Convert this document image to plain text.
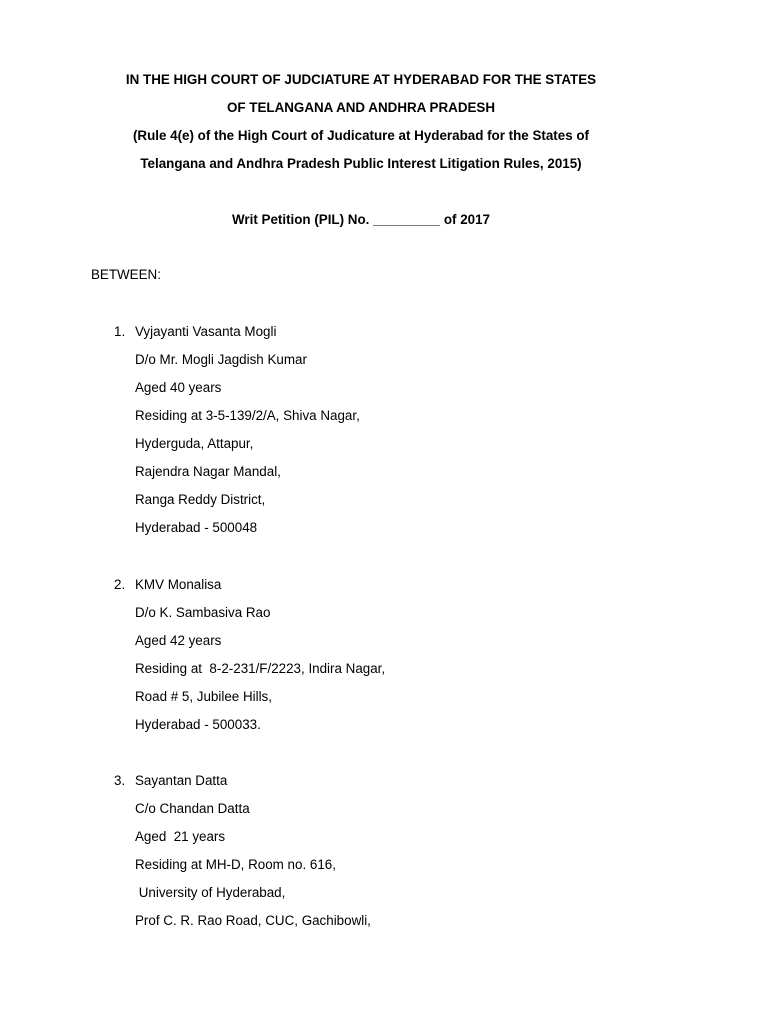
IN THE HIGH COURT OF JUDCIATURE AT HYDERABAD FOR THE STATES
OF TELANGANA AND ANDHRA PRADESH
(Rule 4(e) of the High Court of Judicature at Hyderabad for the States of
Telangana and Andhra Pradesh Public Interest Litigation Rules, 2015)
Writ Petition (PIL) No. _________ of 2017
BETWEEN:
1. Vyjayanti Vasanta Mogli
D/o Mr. Mogli Jagdish Kumar
Aged 40 years
Residing at 3-5-139/2/A, Shiva Nagar,
Hyderguda, Attapur,
Rajendra Nagar Mandal,
Ranga Reddy District,
Hyderabad - 500048
2. KMV Monalisa
D/o K. Sambasiva Rao
Aged 42 years
Residing at  8-2-231/F/2223, Indira Nagar,
Road # 5, Jubilee Hills,
Hyderabad - 500033.
3. Sayantan Datta
C/o Chandan Datta
Aged  21 years
Residing at MH-D, Room no. 616,
University of Hyderabad,
Prof C. R. Rao Road, CUC, Gachibowli,
